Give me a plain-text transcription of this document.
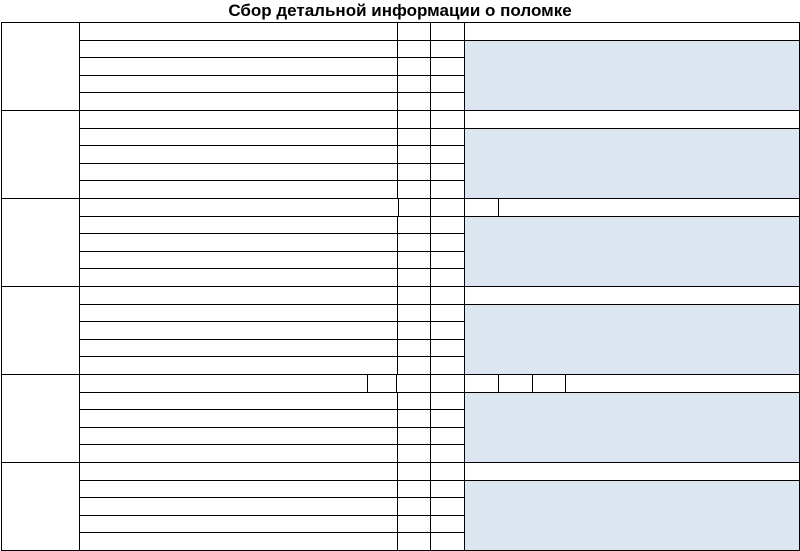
Сбор детальной информации о поломке
